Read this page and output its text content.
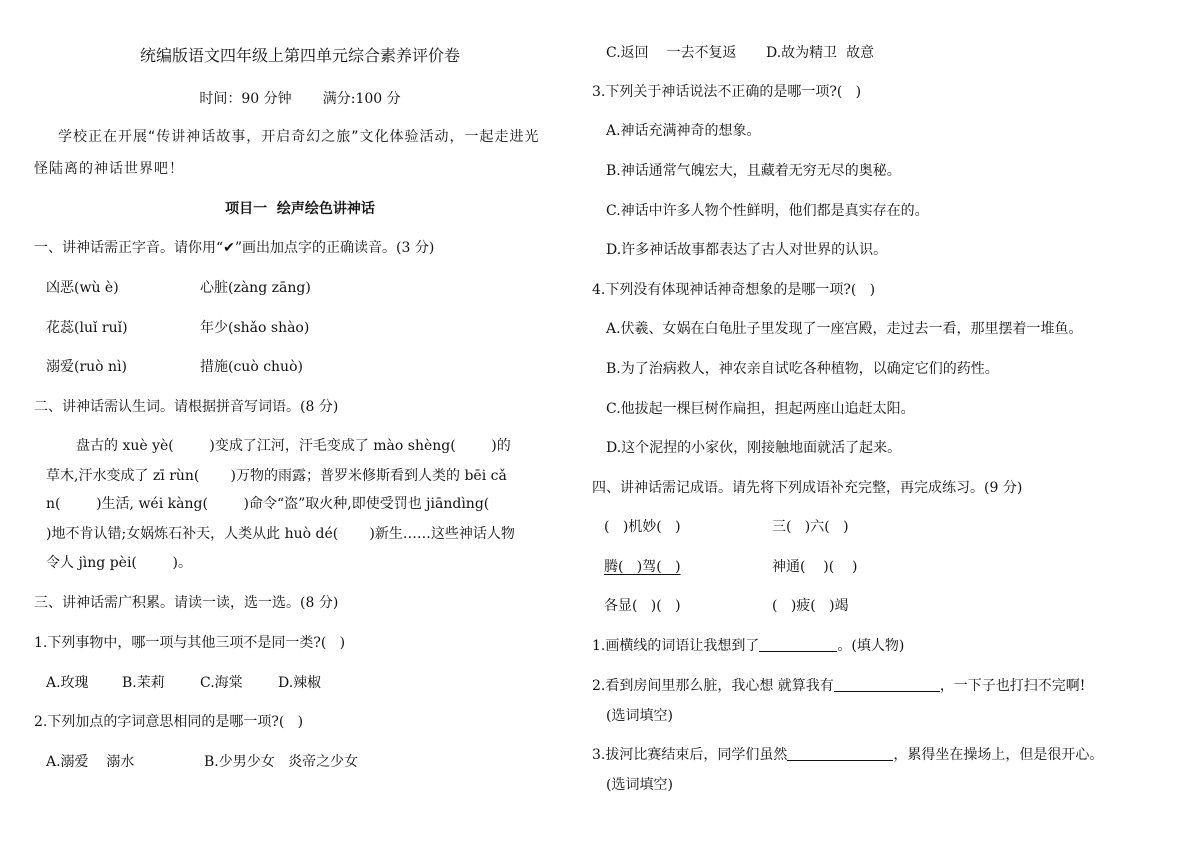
统编版语文四年级上第四单元综合素养评价卷
时间：90 分钟       满分:100 分
学校正在开展“传讲神话故事，开启奇幻之旅”文化体验活动，一起走进光
怪陆离的神话世界吧！
项目一  绘声绘色讲神话
一、讲神话需正字音。请你用“✔”画出加点字的正确读音。(3 分)
凶恶(wù è)	心脏(zàng zāng)
花蕊(luǐ ruǐ)	年少(shǎo shào)
溺爱(ruò nì)	措施(cuò chuò)
二、讲神话需认生词。请根据拼音写词语。(8 分)
盘古的 xuè yè(        )变成了江河，汗毛变成了 mào shèng(        )的
草木,汗水变成了 zī rùn(       )万物的雨露；普罗米修斯看到人类的 bēi cǎ
n(        )生活, wéi kàng(        )命令“盗”取火种,即使受罚也 jiāndìng(
)地不肯认错;女娲炼石补天，人类从此 huò dé(       )新生……这些神话人物
令人 jìng pèi(        )。
三、讲神话需广积累。请读一读，选一选。(8 分)
1.下列事物中，哪一项与其他三项不是同一类?(   )
A.玫瑰 B.茉莉	C.海棠	D.辣椒
2.下列加点的字词意思相同的是哪一项?(   )
A.溺爱    溺水	B.少男少女   炎帝之少女
C.返回    一去不复返 D.故为精卫  故意
3.下列关于神话说法不正确的是哪一项?(   )
A.神话充满神奇的想象。
B.神话通常气魄宏大，且藏着无穷无尽的奥秘。
C.神话中许多人物个性鲜明，他们都是真实存在的。
D.许多神话故事都表达了古人对世界的认识。
4.下列没有体现神话神奇想象的是哪一项?(   )
A.伏羲、女娲在白龟肚子里发现了一座宫殿，走过去一看，那里摆着一堆鱼。
B.为了治病救人，神农亲自试吃各种植物，以确定它们的药性。
C.他拔起一棵巨树作扁担，担起两座山追赶太阳。
D.这个泥捏的小家伙，刚接触地面就活了起来。
四、讲神话需记成语。请先将下列成语补充完整，再完成练习。(9 分)
(   )机妙(   )	三(   )六(   )
腾(   )驾(   )	神通(    )(    )
各显(   )(   )	(   )疲(   )竭
1.画横线的词语让我想到了	。(填人物)
2.看到房间里那么脏，我心想 就算我有	，一下子也打扫不完啊!
(选词填空)
3.拔河比赛结束后，同学们虽然	，累得坐在操场上，但是很开心。
(选词填空)
